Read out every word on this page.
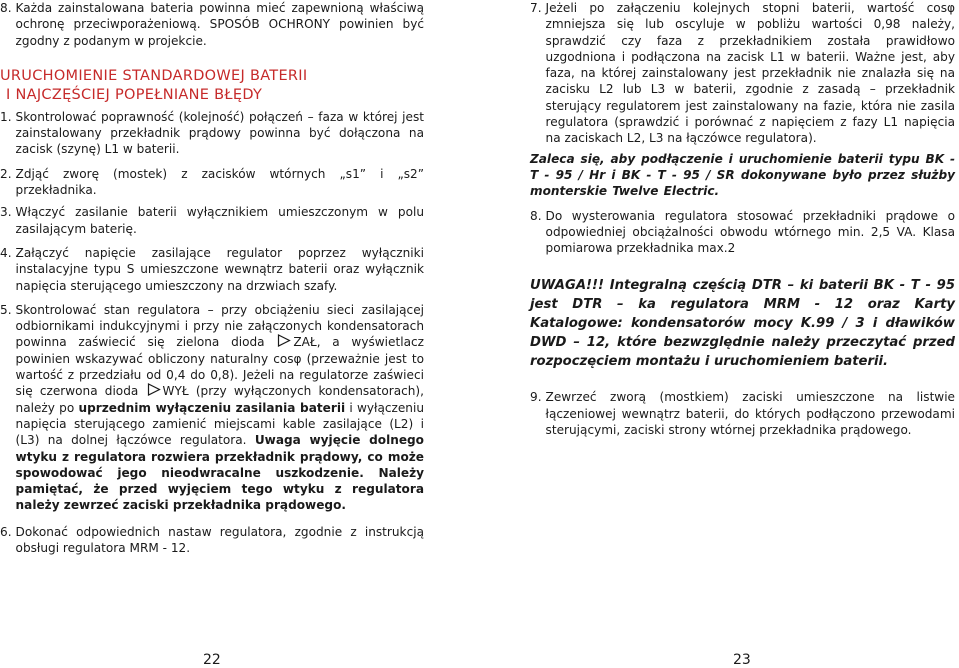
8. Każda zainstalowana bateria powinna mieć zapewnioną właściwą ochronę przeciwporażeniową. SPOSÓB OCHRONY powinien być zgodny z podanym w projekcie.

URUCHOMIENIE STANDARDOWEJ BATERII

I NAJCZĘŚCIEJ POPEŁNIANE BŁĘDY

1. Skontrolować poprawność (kolejność) połączeń – faza w której jest zainstalowany przekładnik prądowy powinna być dołączona na zacisk (szynę) L1 w baterii.
2. Zdjąć zworę (mostek) z zacisków wtórnych „s1” i „s2” przekładnika.
3. Włączyć zasilanie baterii wyłącznikiem umieszczonym w polu zasilającym baterię.
4. Załączyć napięcie zasilające regulator poprzez wyłączniki instalacyjne typu S umieszczone wewnątrz baterii oraz wyłącznik napięcia sterującego umieszczony na drzwiach szafy.
5. Skontrolować stan regulatora – przy obciążeniu sieci zasilającej odbiornikami indukcyjnymi i przy nie załączonych kondensatorach powinna zaświecić się zielona dioda ZAŁ, a wyświetlacz powinien wskazywać obliczony naturalny cosφ (przeważnie jest to wartość z przedziału od 0,4 do 0,8). Jeżeli na regulatorze zaświeci się czerwona dioda WYŁ (przy wyłączonych kondensatorach), należy po uprzednim wyłączeniu zasilania baterii i wyłączeniu napięcia sterującego zamienić miejscami kable zasilające (L2) i (L3) na dolnej łączówce regulatora. Uwaga wyjęcie dolnego wtyku z regulatora rozwiera przekładnik prądowy, co może spowodować jego nieodwracalne uszkodzenie. Należy pamiętać, że przed wyjęciem tego wtyku z regulatora należy zewrzeć zaciski przekładnika prądowego.
6. Dokonać odpowiednich nastaw regulatora, zgodnie z instrukcją obsługi regulatora MRM - 12.
7. Jeżeli po załączeniu kolejnych stopni baterii, wartość cosφ zmniejsza się lub oscyluje w pobliżu wartości 0,98 należy, sprawdzić czy faza z przekładnikiem została prawidłowo uzgodniona i podłączona na zacisk L1 w baterii. Ważne jest, aby faza, na której zainstalowany jest przekładnik nie znalazła się na zacisku L2 lub L3 w baterii, zgodnie z zasadą – przekładnik sterujący regulatorem jest zainstalowany na fazie, która nie zasila regulatora (sprawdzić i porównać z napięciem z fazy L1 napięcia na zaciskach L2, L3 na łączówce regulatora).

Zaleca się, aby podłączenie i uruchomienie baterii typu BK - T - 95 / Hr i BK - T - 95 / SR dokonywane było przez służby monterskie Twelve Electric.

8. Do wysterowania regulatora stosować przekładniki prądowe o odpowiedniej obciążalności obwodu wtórnego min. 2,5 VA. Klasa pomiarowa przekładnika max.2

UWAGA!!! Integralną częścią DTR – ki baterii BK - T - 95 jest DTR – ka regulatora MRM - 12 oraz Karty Katalogowe: kondensatorów mocy K.99 / 3 i dławików DWD – 12, które bezwzględnie należy przeczytać przed rozpoczęciem montażu i uruchomieniem baterii.

9. Zewrzeć zworą (mostkiem) zaciski umieszczone na listwie łączeniowej wewnątrz baterii, do których podłączono przewodami sterującymi, zaciski strony wtórnej przekładnika prądowego.
22	23
